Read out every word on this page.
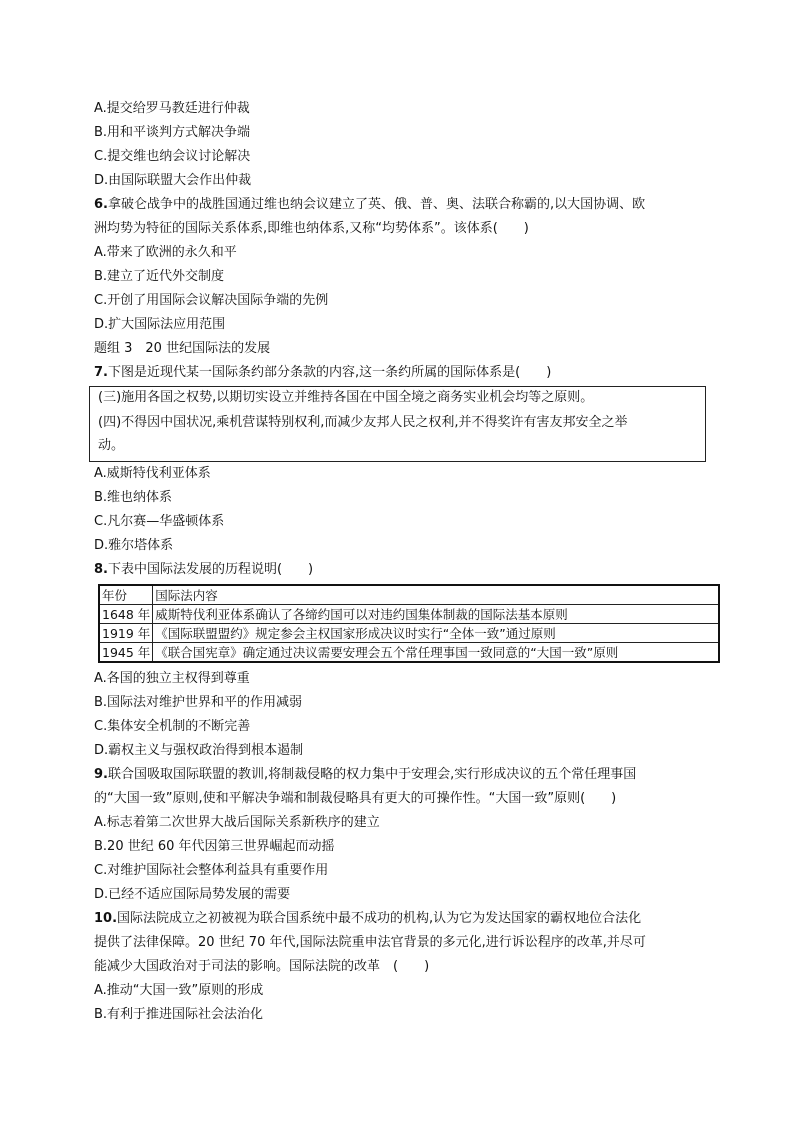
A.提交给罗马教廷进行仲裁
B.用和平谈判方式解决争端
C.提交维也纳会议讨论解决
D.由国际联盟大会作出仲裁
6.拿破仑战争中的战胜国通过维也纳会议建立了英、俄、普、奥、法联合称霸的,以大国协调、欧
洲均势为特征的国际关系体系,即维也纳体系,又称“均势体系”。该体系(　　)
A.带来了欧洲的永久和平
B.建立了近代外交制度
C.开创了用国际会议解决国际争端的先例
D.扩大国际法应用范围
题组 3　20 世纪国际法的发展
7.下图是近现代某一国际条约部分条款的内容,这一条约所属的国际体系是(　　)
(三)施用各国之权势,以期切实设立并维持各国在中国全境之商务实业机会均等之原则。
(四)不得因中国状况,乘机营谋特别权利,而减少友邦人民之权利,并不得奖许有害友邦安全之举
动。
A.威斯特伐利亚体系
B.维也纳体系
C.凡尔赛—华盛顿体系
D.雅尔塔体系
8.下表中国际法发展的历程说明(　　)
年份	国际法内容
1648 年	威斯特伐利亚体系确认了各缔约国可以对违约国集体制裁的国际法基本原则
1919 年	《国际联盟盟约》规定参会主权国家形成决议时实行“全体一致”通过原则
1945 年	《联合国宪章》确定通过决议需要安理会五个常任理事国一致同意的“大国一致”原则
A.各国的独立主权得到尊重
B.国际法对维护世界和平的作用减弱
C.集体安全机制的不断完善
D.霸权主义与强权政治得到根本遏制
9.联合国吸取国际联盟的教训,将制裁侵略的权力集中于安理会,实行形成决议的五个常任理事国
的“大国一致”原则,使和平解决争端和制裁侵略具有更大的可操作性。“大国一致”原则(　　)
A.标志着第二次世界大战后国际关系新秩序的建立
B.20 世纪 60 年代因第三世界崛起而动摇
C.对维护国际社会整体利益具有重要作用
D.已经不适应国际局势发展的需要
10.国际法院成立之初被视为联合国系统中最不成功的机构,认为它为发达国家的霸权地位合法化
提供了法律保障。20 世纪 70 年代,国际法院重申法官背景的多元化,进行诉讼程序的改革,并尽可
能减少大国政治对于司法的影响。国际法院的改革　(　　)
A.推动“大国一致”原则的形成
B.有利于推进国际社会法治化
